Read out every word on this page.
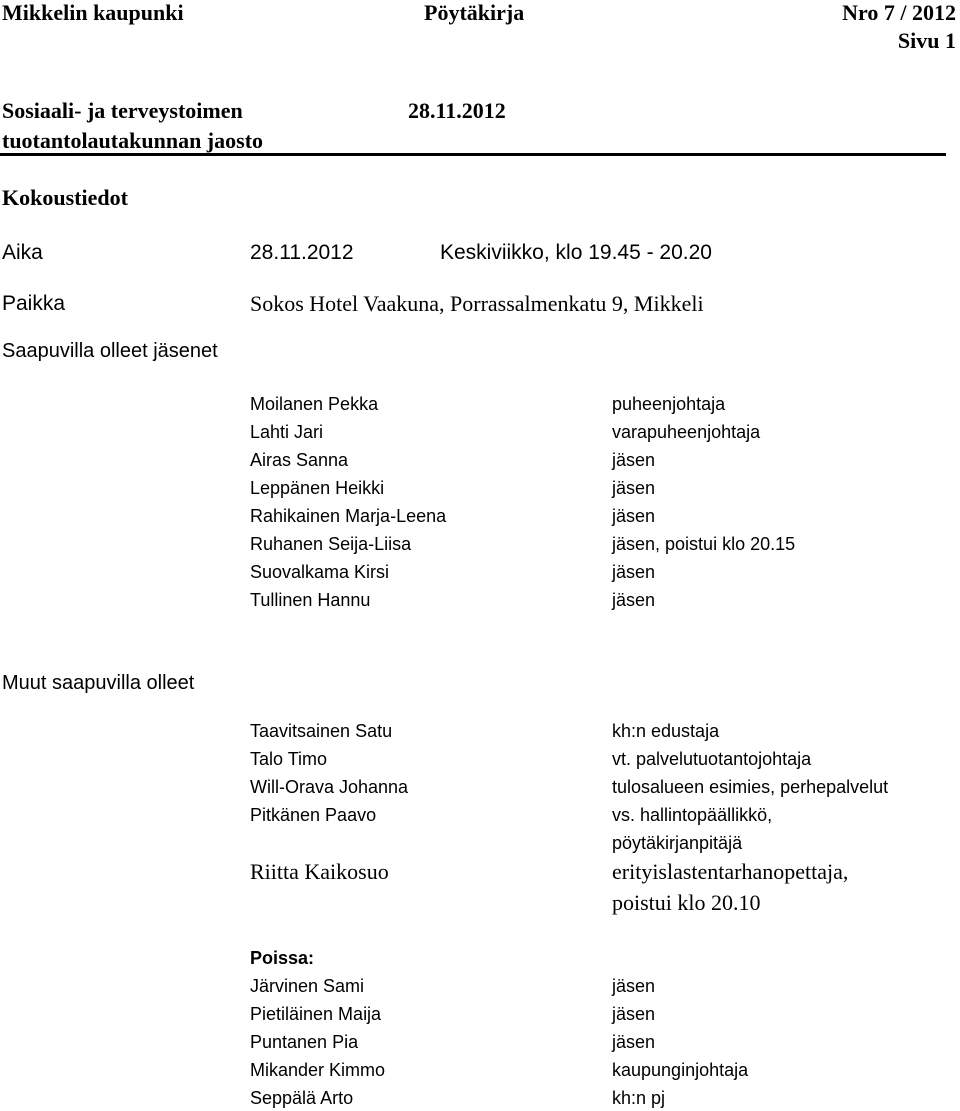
Mikkelin kaupunki	Pöytäkirja	Nro 7 / 2012
Sivu 1
Sosiaali- ja terveystoimen
tuotantolautakunnan jaosto
28.11.2012
Kokoustiedot
Aika	28.11.2012	Keskiviikko, klo 19.45 - 20.20
Paikka	Sokos Hotel Vaakuna, Porrassalmenkatu 9, Mikkeli
Saapuvilla olleet jäsenet
Moilanen Pekka	puheenjohtaja
Lahti Jari	varapuheenjohtaja
Airas Sanna	jäsen
Leppänen Heikki	jäsen
Rahikainen Marja-Leena	jäsen
Ruhanen Seija-Liisa	jäsen, poistui klo 20.15
Suovalkama Kirsi	jäsen
Tullinen Hannu	jäsen
Muut saapuvilla olleet
Taavitsainen Satu	kh:n edustaja
Talo Timo	vt. palvelutuotantojohtaja
Will-Orava Johanna	tulosalueen esimies, perhepalvelut
Pitkänen Paavo	vs. hallintopäällikkö,
pöytäkirjanpitäjä
Riitta Kaikosuo	erityislastentarhanopettaja,
poistui klo 20.10
Poissa:
Järvinen Sami	jäsen
Pietiläinen Maija	jäsen
Puntanen Pia	jäsen
Mikander Kimmo	kaupunginjohtaja
Seppälä Arto	kh:n pj
